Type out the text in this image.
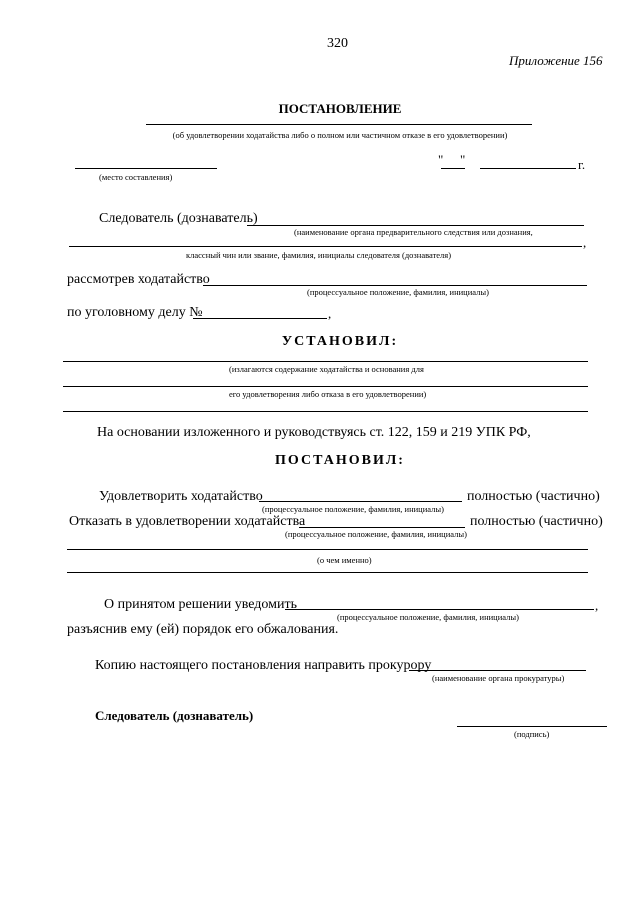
320
Приложение 156
ПОСТАНОВЛЕНИЕ
(об удовлетворении ходатайства либо о полном или частичном отказе в его удовлетворении)
(место составления)
" "	г.
Следователь (дознаватель)
(наименование органа предварительного следствия или дознания,
,
классный чин или звание, фамилия, инициалы следователя (дознавателя)
рассмотрев ходатайство
(процессуальное положение, фамилия, инициалы)
по уголовному делу №	,
УСТАНОВИЛ:
(излагаются содержание ходатайства и основания для
его удовлетворения либо отказа в его удовлетворении)
На основании изложенного и руководствуясь ст. 122, 159 и 219 УПК РФ,
ПОСТАНОВИЛ:
Удовлетворить ходатайство	полностью (частично)
(процессуальное положение, фамилия, инициалы)
Отказать в удовлетворении ходатайства	полностью (частично)
(процессуальное положение, фамилия, инициалы)
(о чем именно)
О принятом решении уведомить	,
(процессуальное положение, фамилия, инициалы)
разъяснив ему (ей) порядок его обжалования.
Копию настоящего постановления направить прокурору
(наименование органа прокуратуры)
Следователь (дознаватель)
(подпись)
